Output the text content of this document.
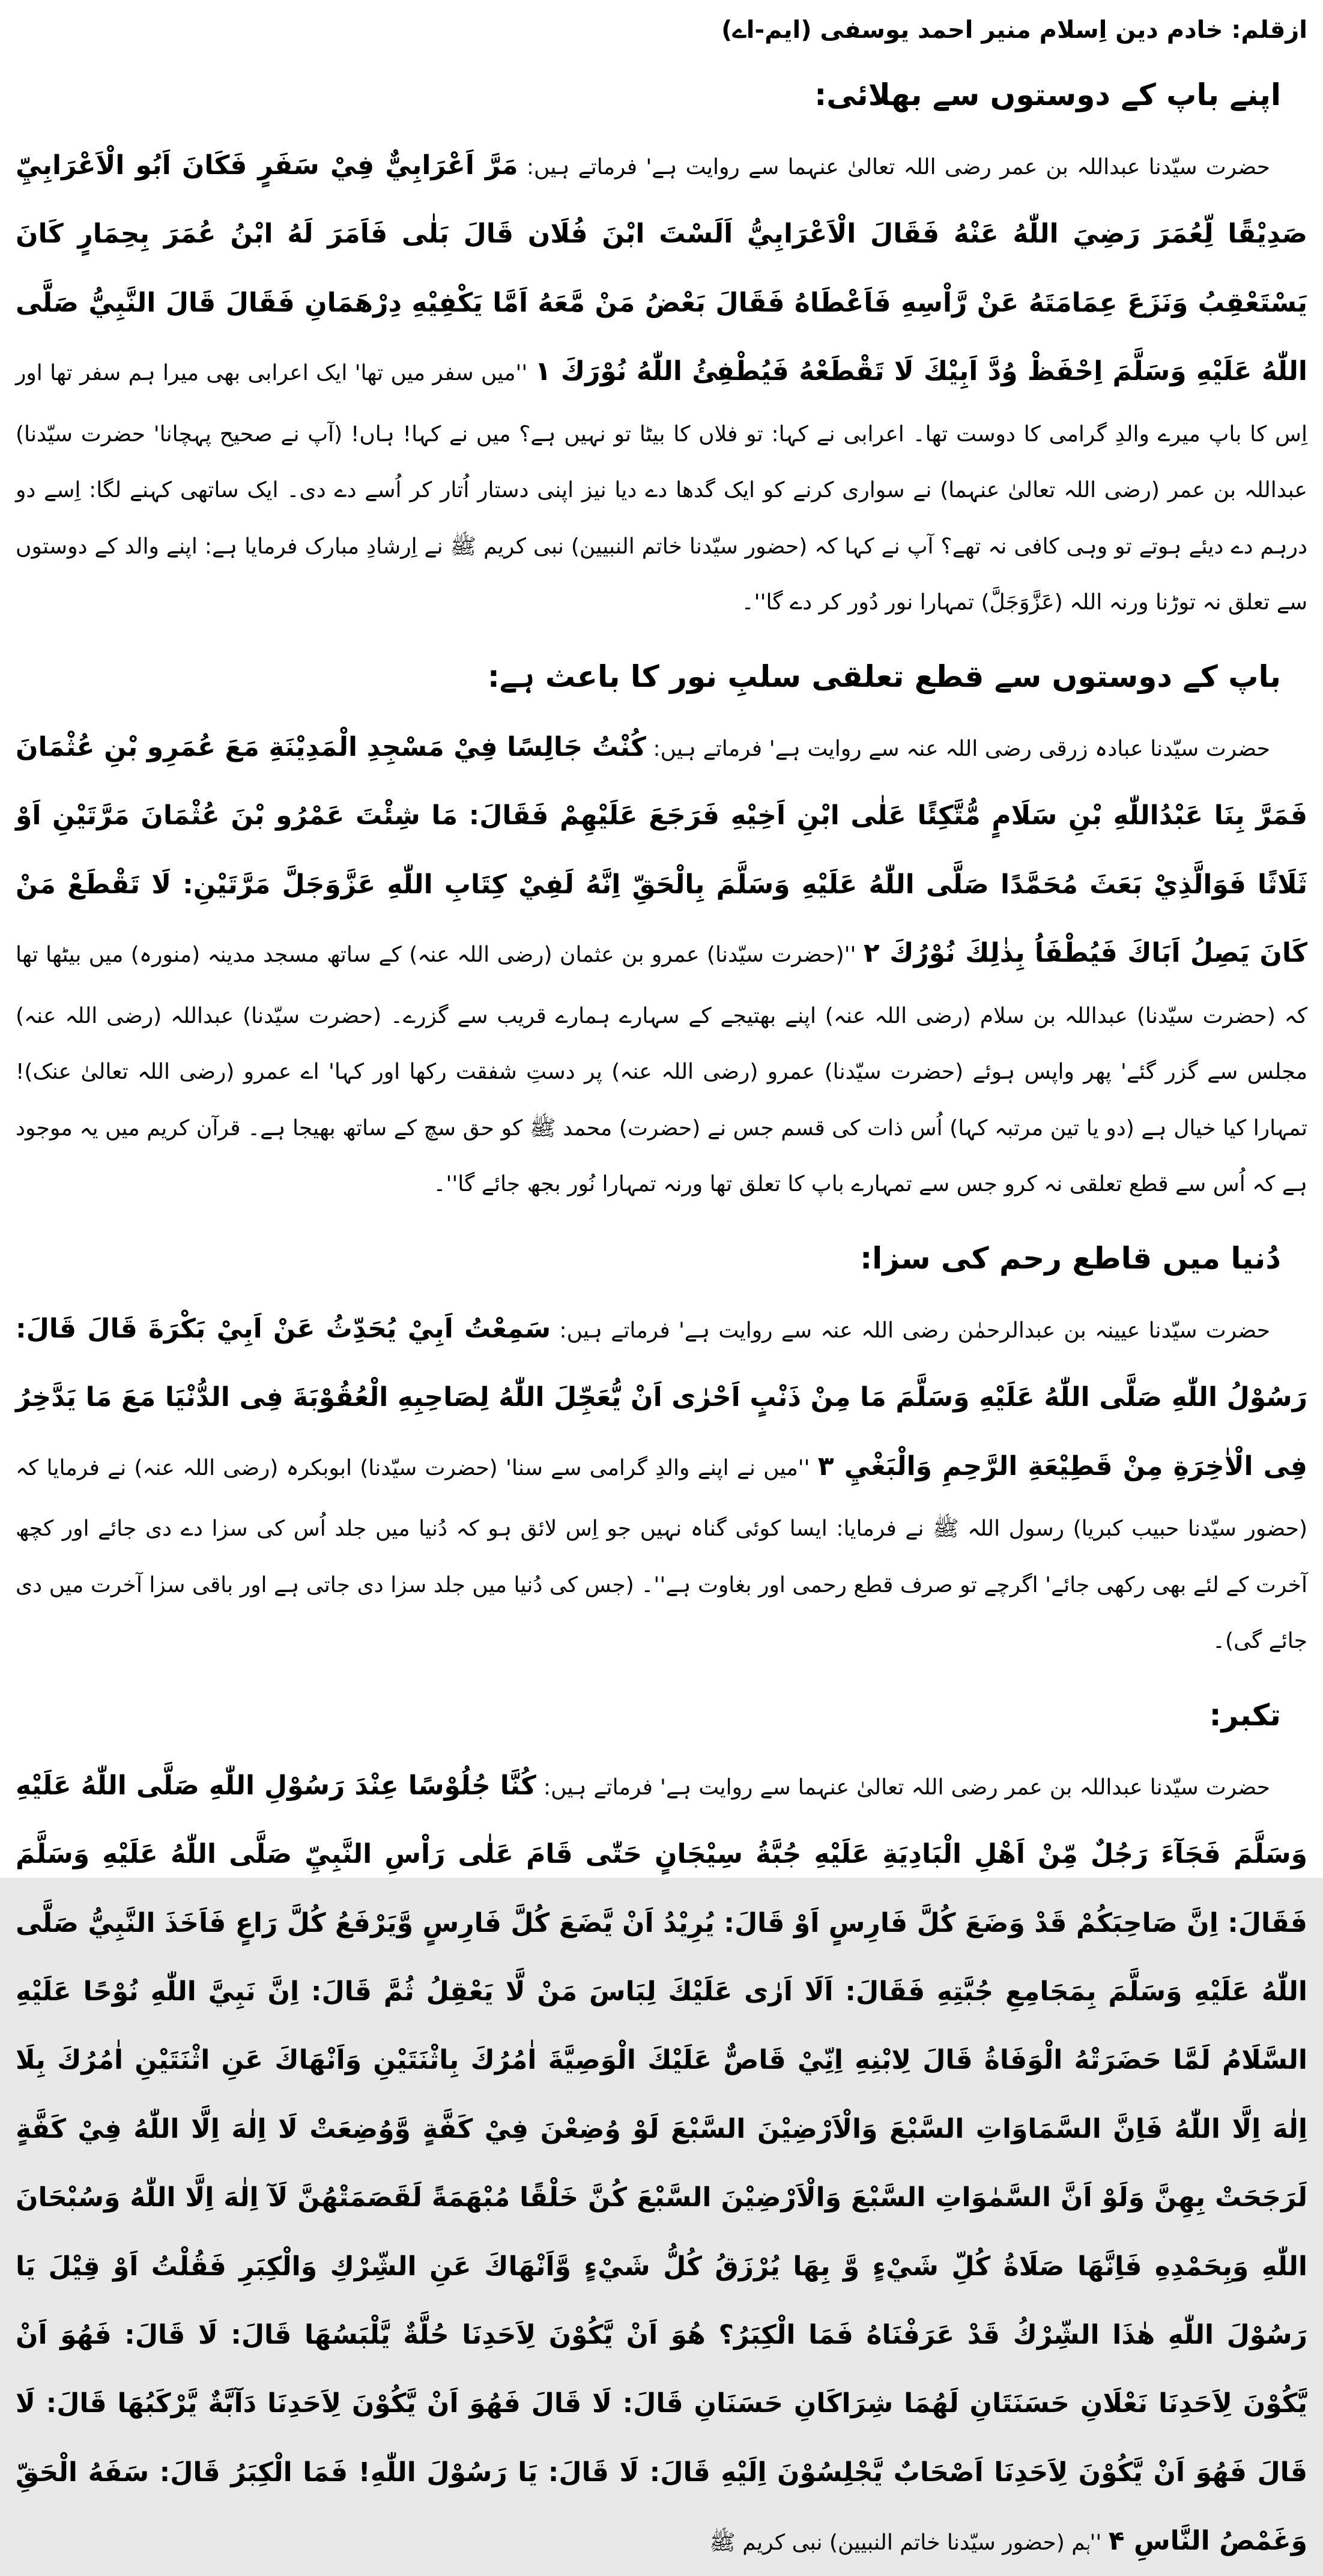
ازقلم: خادم دین اِسلام منیر احمد یوسفی (ایم-اے)

اپنے باپ کے دوستوں سے بھلائی:

حضرت سیّدنا عبداللہ بن عمر رضی اللہ تعالیٰ عنہما سے روایت ہے' فرماتے ہیں: مَرَّ اَعْرَابِيٌّ فِيْ سَفَرٍ فَكَانَ اَبُو الْاَعْرَابِيِّ صَدِيْقًا لِّعُمَرَ رَضِيَ اللّٰهُ عَنْهُ فَقَالَ الْاَعْرَابِيُّ اَلَسْتَ ابْنَ فُلَان قَالَ بَلٰى فَاَمَرَ لَهُ ابْنُ عُمَرَ بِحِمَارٍ كَانَ يَسْتَعْقِبُ وَنَزَعَ عِمَامَتَهُ عَنْ رَّاْسِهِ فَاَعْطَاهُ فَقَالَ بَعْضُ مَنْ مَّعَهُ اَمَّا يَكْفِيْهِ دِرْهَمَانِ فَقَالَ قَالَ النَّبِيُّ صَلَّى اللّٰهُ عَلَيْهِ وَسَلَّمَ اِحْفَظْ وُدَّ اَبِيْكَ لَا تَقْطَعْهُ فَيُطْفِئُ اللّٰهُ نُوْرَكَ ۱ ''میں سفر میں تھا' ایک اعرابی بھی میرا ہم سفر تھا اور اِس کا باپ میرے والدِ گرامی کا دوست تھا۔ اعرابی نے کہا: تو فلاں کا بیٹا تو نہیں ہے؟ میں نے کہا! ہاں! (آپ نے صحیح پہچانا' حضرت سیّدنا) عبداللہ بن عمر (رضی اللہ تعالیٰ عنہما) نے سواری کرنے کو ایک گدھا دے دیا نیز اپنی دستار اُتار کر اُسے دے دی۔ ایک ساتھی کہنے لگا: اِسے دو درہم دے دیئے ہوتے تو وہی کافی نہ تھے؟ آپ نے کہا کہ (حضور سیّدنا خاتم النبیین) نبی کریم ﷺ نے اِرشادِ مبارک فرمایا ہے: اپنے والد کے دوستوں سے تعلق نہ توڑنا ورنہ اللہ (عَزَّوَجَلَّ) تمہارا نور دُور کر دے گا''۔

باپ کے دوستوں سے قطع تعلقی سلبِ نور کا باعث ہے:

حضرت سیّدنا عبادہ زرقی رضی اللہ عنہ سے روایت ہے' فرماتے ہیں: كُنْتُ جَالِسًا فِيْ مَسْجِدِ الْمَدِيْنَةِ مَعَ عُمَرِو بْنِ عُثْمَانَ فَمَرَّ بِنَا عَبْدُاللّٰهِ بْنِ سَلَامٍ مُّتَّكِئًا عَلٰى ابْنِ اَخِيْهِ فَرَجَعَ عَلَيْهِمْ فَقَالَ: مَا شِئْتَ عَمْرُو بْنَ عُثْمَانَ مَرَّتَيْنِ اَوْ ثَلَاثًا فَوَالَّذِيْ بَعَثَ مُحَمَّدًا صَلَّى اللّٰهُ عَلَيْهِ وَسَلَّمَ بِالْحَقِّ اِنَّهُ لَفِيْ كِتَابِ اللّٰهِ عَزَّوَجَلَّ مَرَّتَيْنِ: لَا تَقْطَعْ مَنْ كَانَ يَصِلُ اَبَاكَ فَيُطْفَاُ بِذٰلِكَ نُوْرُكَ ۲ ''(حضرت سیّدنا) عمرو بن عثمان (رضی اللہ عنہ) کے ساتھ مسجد مدینہ (منورہ) میں بیٹھا تھا کہ (حضرت سیّدنا) عبداللہ بن سلام (رضی اللہ عنہ) اپنے بھتیجے کے سہارے ہمارے قریب سے گزرے۔ (حضرت سیّدنا) عبداللہ (رضی اللہ عنہ) مجلس سے گزر گئے' پھر واپس ہوئے (حضرت سیّدنا) عمرو (رضی اللہ عنہ) پر دستِ شفقت رکھا اور کہا' اے عمرو (رضی اللہ تعالیٰ عنک)! تمہارا کیا خیال ہے (دو یا تین مرتبہ کہا) اُس ذات کی قسم جس نے (حضرت) محمد ﷺ کو حق سچ کے ساتھ بھیجا ہے۔ قرآن کریم میں یہ موجود ہے کہ اُس سے قطع تعلقی نہ کرو جس سے تمہارے باپ کا تعلق تھا ورنہ تمہارا نُور بجھ جائے گا''۔

دُنیا میں قاطع رحم کی سزا:

حضرت سیّدنا عیینہ بن عبدالرحمٰن رضی اللہ عنہ سے روایت ہے' فرماتے ہیں: سَمِعْتُ اَبِيْ يُحَدِّثُ عَنْ اَبِيْ بَكْرَةَ قَالَ قَالَ: رَسُوْلُ اللّٰهِ صَلَّى اللّٰهُ عَلَيْهِ وَسَلَّمَ مَا مِنْ ذَنْبٍ اَحْرٰى اَنْ يُّعَجِّلَ اللّٰهُ لِصَاحِبِهِ الْعُقُوْبَةَ فِى الدُّنْيَا مَعَ مَا يَدَّخِرُ فِى الْاٰخِرَةِ مِنْ قَطِيْعَةِ الرَّحِمِ وَالْبَغْيِ ۳ ''میں نے اپنے والدِ گرامی سے سنا' (حضرت سیّدنا) ابوبکرہ (رضی اللہ عنہ) نے فرمایا کہ (حضور سیّدنا حبیب کبریا) رسول اللہ ﷺ نے فرمایا: ایسا کوئی گناہ نہیں جو اِس لائق ہو کہ دُنیا میں جلد اُس کی سزا دے دی جائے اور کچھ آخرت کے لئے بھی رکھی جائے' اگرچے تو صرف قطع رحمی اور بغاوت ہے''۔ (جس کی دُنیا میں جلد سزا دی جاتی ہے اور باقی سزا آخرت میں دی جائے گی)۔

تکبر:

حضرت سیّدنا عبداللہ بن عمر رضی اللہ تعالیٰ عنہما سے روایت ہے' فرماتے ہیں: كُنَّا جُلُوْسًا عِنْدَ رَسُوْلِ اللّٰهِ صَلَّى اللّٰهُ عَلَيْهِ وَسَلَّمَ فَجَآءَ رَجُلٌ مِّنْ اَهْلِ الْبَادِيَةِ عَلَيْهِ جُبَّةُ سِيْجَانٍ حَتّٰى قَامَ عَلٰى رَاْسِ النَّبِيِّ صَلَّى اللّٰهُ عَلَيْهِ وَسَلَّمَ فَقَالَ: اِنَّ صَاحِبَكُمْ قَدْ وَضَعَ كُلَّ فَارِسٍ اَوْ قَالَ: يُرِيْدُ اَنْ يَّضَعَ كُلَّ فَارِسٍ وَّيَرْفَعُ كُلَّ رَاعٍ فَاَخَذَ النَّبِيُّ صَلَّى اللّٰهُ عَلَيْهِ وَسَلَّمَ بِمَجَامِعِ جُبَّتِهِ فَقَالَ: اَلَا اَرٰى عَلَيْكَ لِبَاسَ مَنْ لَّا يَعْقِلُ ثُمَّ قَالَ: اِنَّ نَبِيَّ اللّٰهِ نُوْحًا عَلَيْهِ السَّلَامُ لَمَّا حَضَرَتْهُ الْوَفَاةُ قَالَ لِابْنِهِ اِنِّيْ قَاصٌّ عَلَيْكَ الْوَصِيَّةَ اٰمُرُكَ بِاثْنَتَيْنِ وَاَنْهَاكَ عَنِ اثْنَتَيْنِ اٰمُرُكَ بِلَا اِلٰهَ اِلَّا اللّٰهُ فَاِنَّ السَّمَاوَاتِ السَّبْعَ وَالْاَرْضِيْنَ السَّبْعَ لَوْ وُضِعْنَ فِيْ كَفَّةٍ وَّوُضِعَتْ لَا اِلٰهَ اِلَّا اللّٰهُ فِيْ كَفَّةٍ لَرَجَحَتْ بِهِنَّ وَلَوْ اَنَّ السَّمٰوَاتِ السَّبْعَ وَالْاَرْضِيْنَ السَّبْعَ كُنَّ خَلْقًا مُبْهَمَةً لَقَصَمَتْهُنَّ لَآ اِلٰهَ اِلَّا اللّٰهُ وَسُبْحَانَ اللّٰهِ وَبِحَمْدِهِ فَاِنَّهَا صَلَاةُ كُلِّ شَيْءٍ وَّ بِهَا يُرْزَقُ كُلُّ شَيْءٍ وَّاَنْهَاكَ عَنِ الشِّرْكِ وَالْكِبَرِ فَقُلْتُ اَوْ قِيْلَ يَا رَسُوْلَ اللّٰهِ هٰذَا الشِّرْكُ قَدْ عَرَفْنَاهُ فَمَا الْكِبَرُ؟ هُوَ اَنْ يَّكُوْنَ لِاَحَدِنَا حُلَّةٌ يَّلْبَسُهَا قَالَ: لَا قَالَ: فَهُوَ اَنْ يَّكُوْنَ لِاَحَدِنَا نَعْلَانِ حَسَنَتَانِ لَهُمَا شِرَاكَانِ حَسَنَانِ قَالَ: لَا قَالَ فَهُوَ اَنْ يَّكُوْنَ لِاَحَدِنَا دَآبَّةٌ يَّرْكَبُهَا قَالَ: لَا قَالَ فَهُوَ اَنْ يَّكُوْنَ لِاَحَدِنَا اَصْحَابٌ يَّجْلِسُوْنَ اِلَيْهِ قَالَ: لَا قَالَ: يَا رَسُوْلَ اللّٰهِ! فَمَا الْكِبَرُ قَالَ: سَفَهُ الْحَقِّ وَغَمْصُ النَّاسِ ۴ ''ہم (حضور سیّدنا خاتم النبیین) نبی کریم ﷺ
